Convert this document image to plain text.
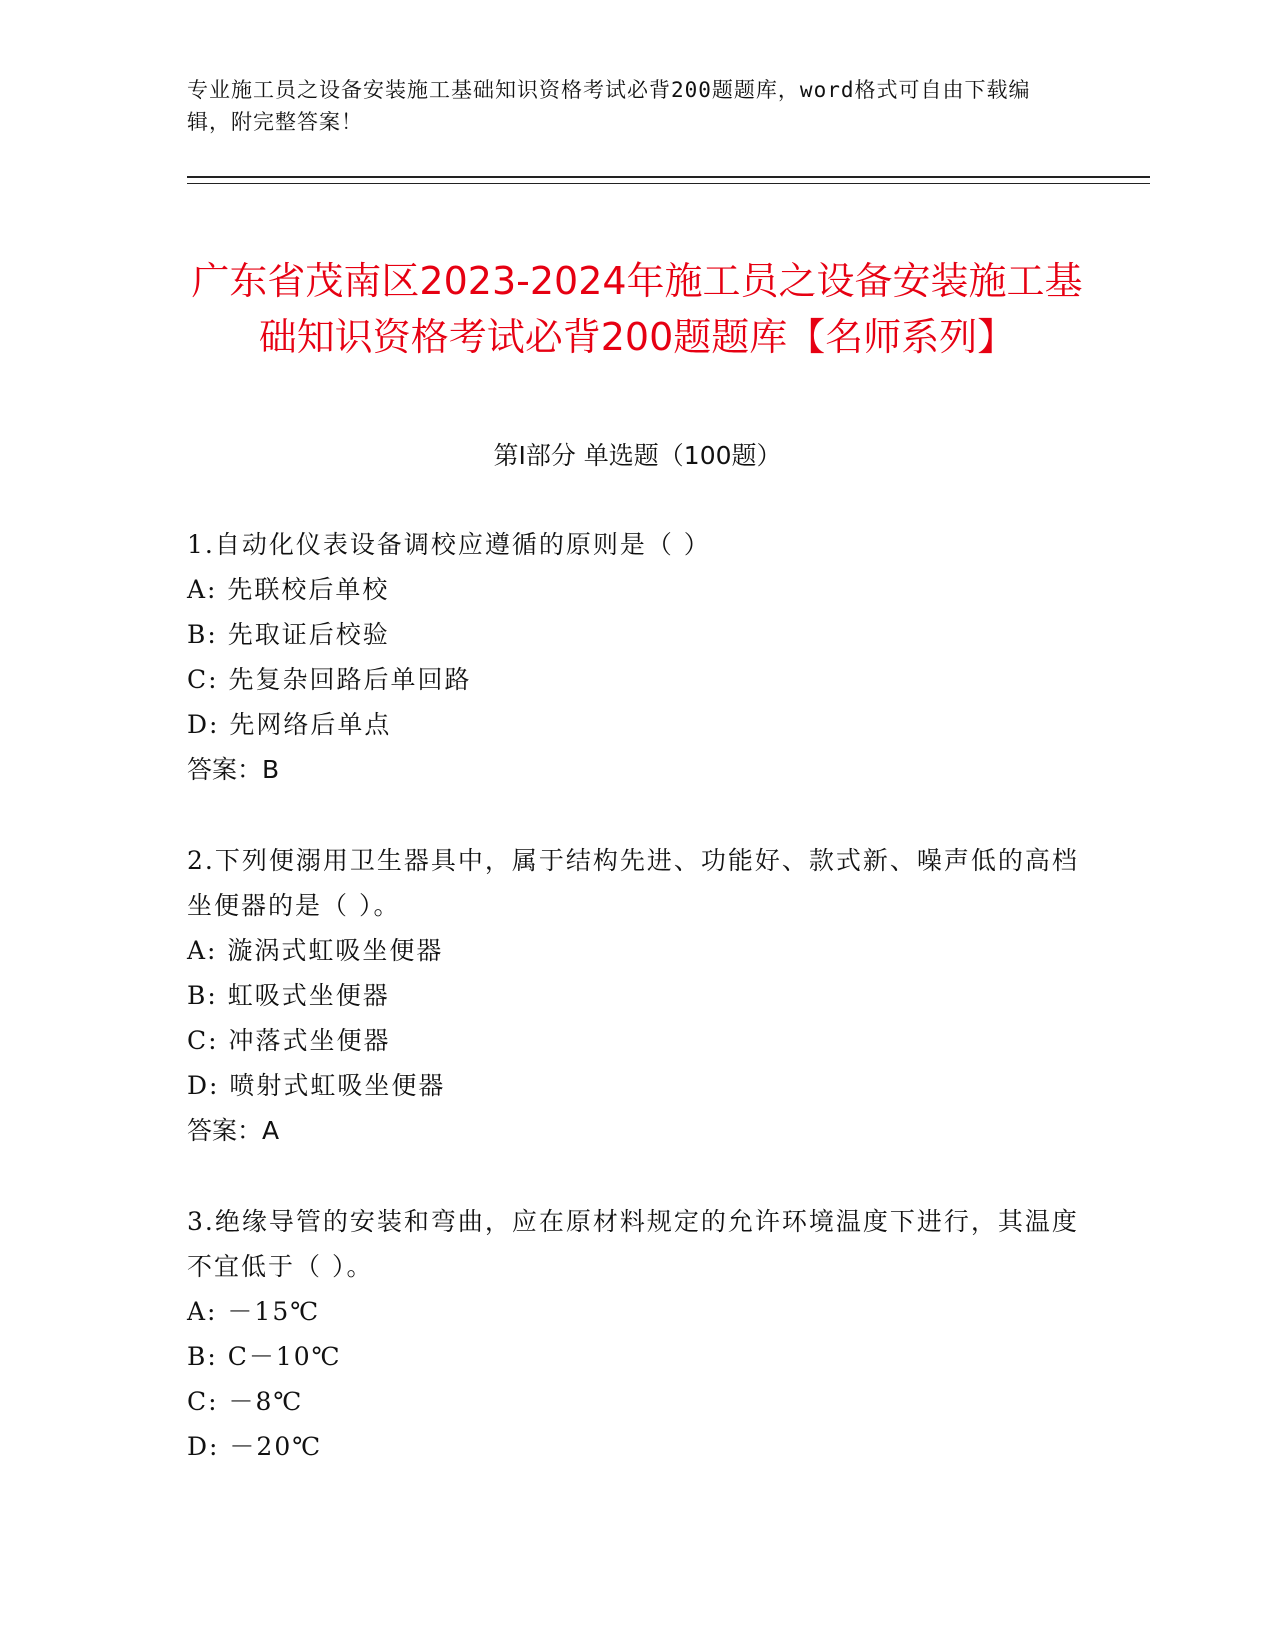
专业施工员之设备安装施工基础知识资格考试必背200题题库，word格式可自由下载编辑，附完整答案！
广东省茂南区2023-2024年施工员之设备安装施工基础知识资格考试必背200题题库【名师系列】
第Ⅰ部分 单选题（100题）
1.自动化仪表设备调校应遵循的原则是（ ）
A: 先联校后单校
B: 先取证后校验
C: 先复杂回路后单回路
D: 先网络后单点
答案：B
2.下列便溺用卫生器具中，属于结构先进、功能好、款式新、噪声低的高档坐便器的是（ ）。
A: 漩涡式虹吸坐便器
B: 虹吸式坐便器
C: 冲落式坐便器
D: 喷射式虹吸坐便器
答案：A
3.绝缘导管的安装和弯曲，应在原材料规定的允许环境温度下进行，其温度不宜低于（ ）。
A: －15℃
B: C－10℃
C: －8℃
D: －20℃
